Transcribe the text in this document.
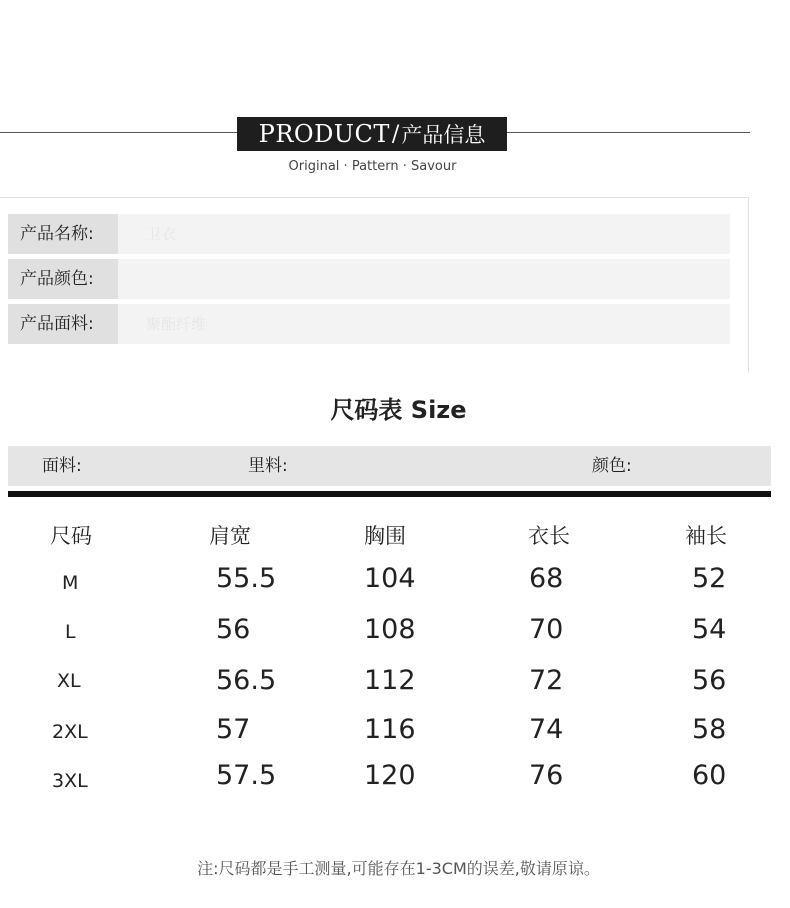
PRODUCT / 产品信息
Original · Pattern · Savour
产品名称:	卫衣
产品颜色:
产品面料:	聚酯纤维
尺码表 Size
面料:	里料:	颜色:
尺码	肩宽	胸围	衣长	袖长
M	55.5	104	68	52
L	56	108	70	54
XL	56.5	112	72	56
2XL	57	116	74	58
3XL	57.5	120	76	60
注:尺码都是手工测量,可能存在1-3CM的误差,敬请原谅。
